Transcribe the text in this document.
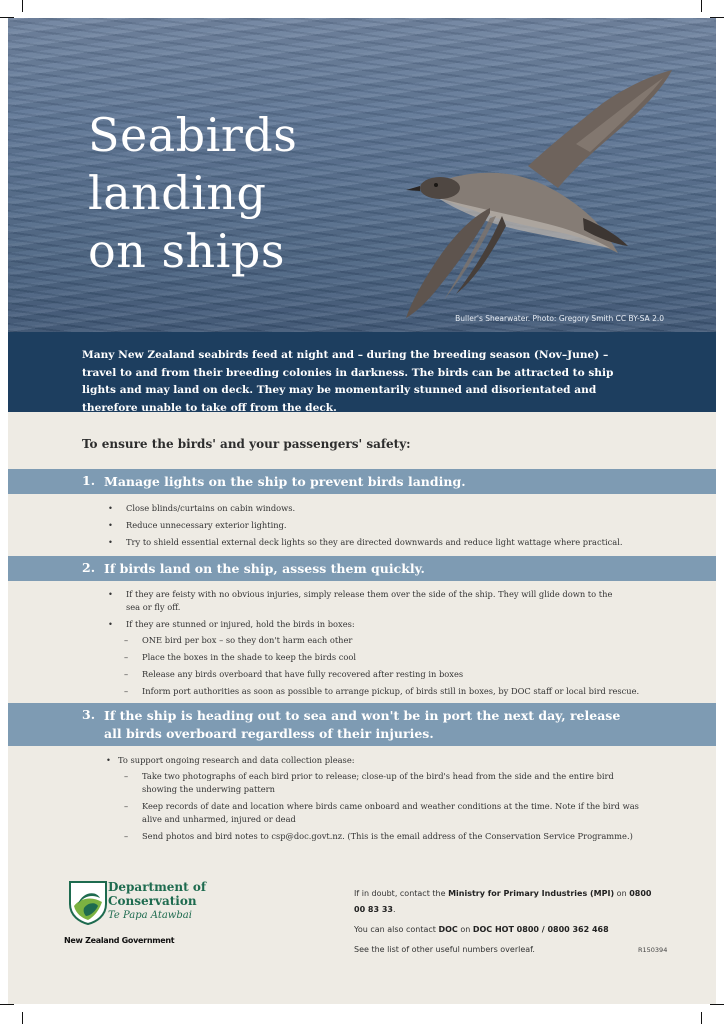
Seabirds
landing
on ships
Buller's Shearwater. Photo: Gregory Smith CC BY-SA 2.0

Many New Zealand seabirds feed at night and – during the breeding season (Nov–June) – travel to and from their breeding colonies in darkness. The birds can be attracted to ship lights and may land on deck. They may be momentarily stunned and disorientated and therefore unable to take off from the deck.

To ensure the birds' and your passengers' safety:

1. Manage lights on the ship to prevent birds landing.
• Close blinds/curtains on cabin windows.
• Reduce unnecessary exterior lighting.
• Try to shield essential external deck lights so they are directed downwards and reduce light wattage where practical.
2. If birds land on the ship, assess them quickly.
• If they are feisty with no obvious injuries, simply release them over the side of the ship. They will glide down to the sea or fly off.
• If they are stunned or injured, hold the birds in boxes:
– ONE bird per box – so they don't harm each other
– Place the boxes in the shade to keep the birds cool
– Release any birds overboard that have fully recovered after resting in boxes
– Inform port authorities as soon as possible to arrange pickup, of birds still in boxes, by DOC staff or local bird rescue.
3. If the ship is heading out to sea and won't be in port the next day, release all birds overboard regardless of their injuries.
• To support ongoing research and data collection please:
– Take two photographs of each bird prior to release; close-up of the bird's head from the side and the entire bird showing the underwing pattern
– Keep records of date and location where birds came onboard and weather conditions at the time. Note if the bird was alive and unharmed, injured or dead
– Send photos and bird notes to csp@doc.govt.nz. (This is the email address of the Conservation Service Programme.)
Department of
Conservation
Te Papa Atawbai
New Zealand Government

If in doubt, contact the Ministry for Primary Industries (MPI) on 0800 00 83 33.

You can also contact DOC on DOC HOT 0800 / 0800 362 468

See the list of other useful numbers overleaf.	R150394
